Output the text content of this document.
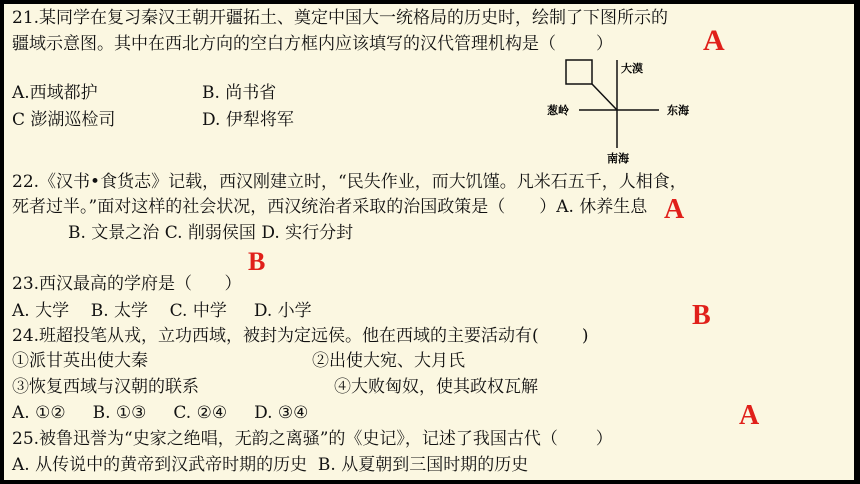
21.某同学在复习秦汉王朝开疆拓土、奠定中国大一统格局的历史时，绘制了下图所示的
疆域示意图。其中在西北方向的空白方框内应该填写的汉代管理机构是（ ）	A
A.西域都护	B. 尚书省
C 澎湖巡检司	D. 伊犁将军
大漠
葱岭	东海
南海
22.《汉书•食货志》记载，西汉刚建立时，“民失作业，而大饥馑。凡米石五千，人相食，
死者过半。”面对这样的社会状况，西汉统治者采取的治国政策是（ ）A. 休养生息 A
B. 文景之治 C. 削弱侯国 D. 实行分封
B
23.西汉最高的学府是（      ）
A. 大学    B. 太学    C. 中学     D. 小学	B
24.班超投笔从戎，立功西域，被封为定远侯。他在西域的主要活动有(        )
①派甘英出使大秦	②出使大宛、大月氏
③恢复西域与汉朝的联系	④大败匈奴，使其政权瓦解
A. ①②     B. ①③     C. ②④     D. ③④	A
25.被鲁迅誉为“史家之绝唱，无韵之离骚”的《史记》，记述了我国古代（       ）
A. 从传说中的黄帝到汉武帝时期的历史  B. 从夏朝到三国时期的历史
